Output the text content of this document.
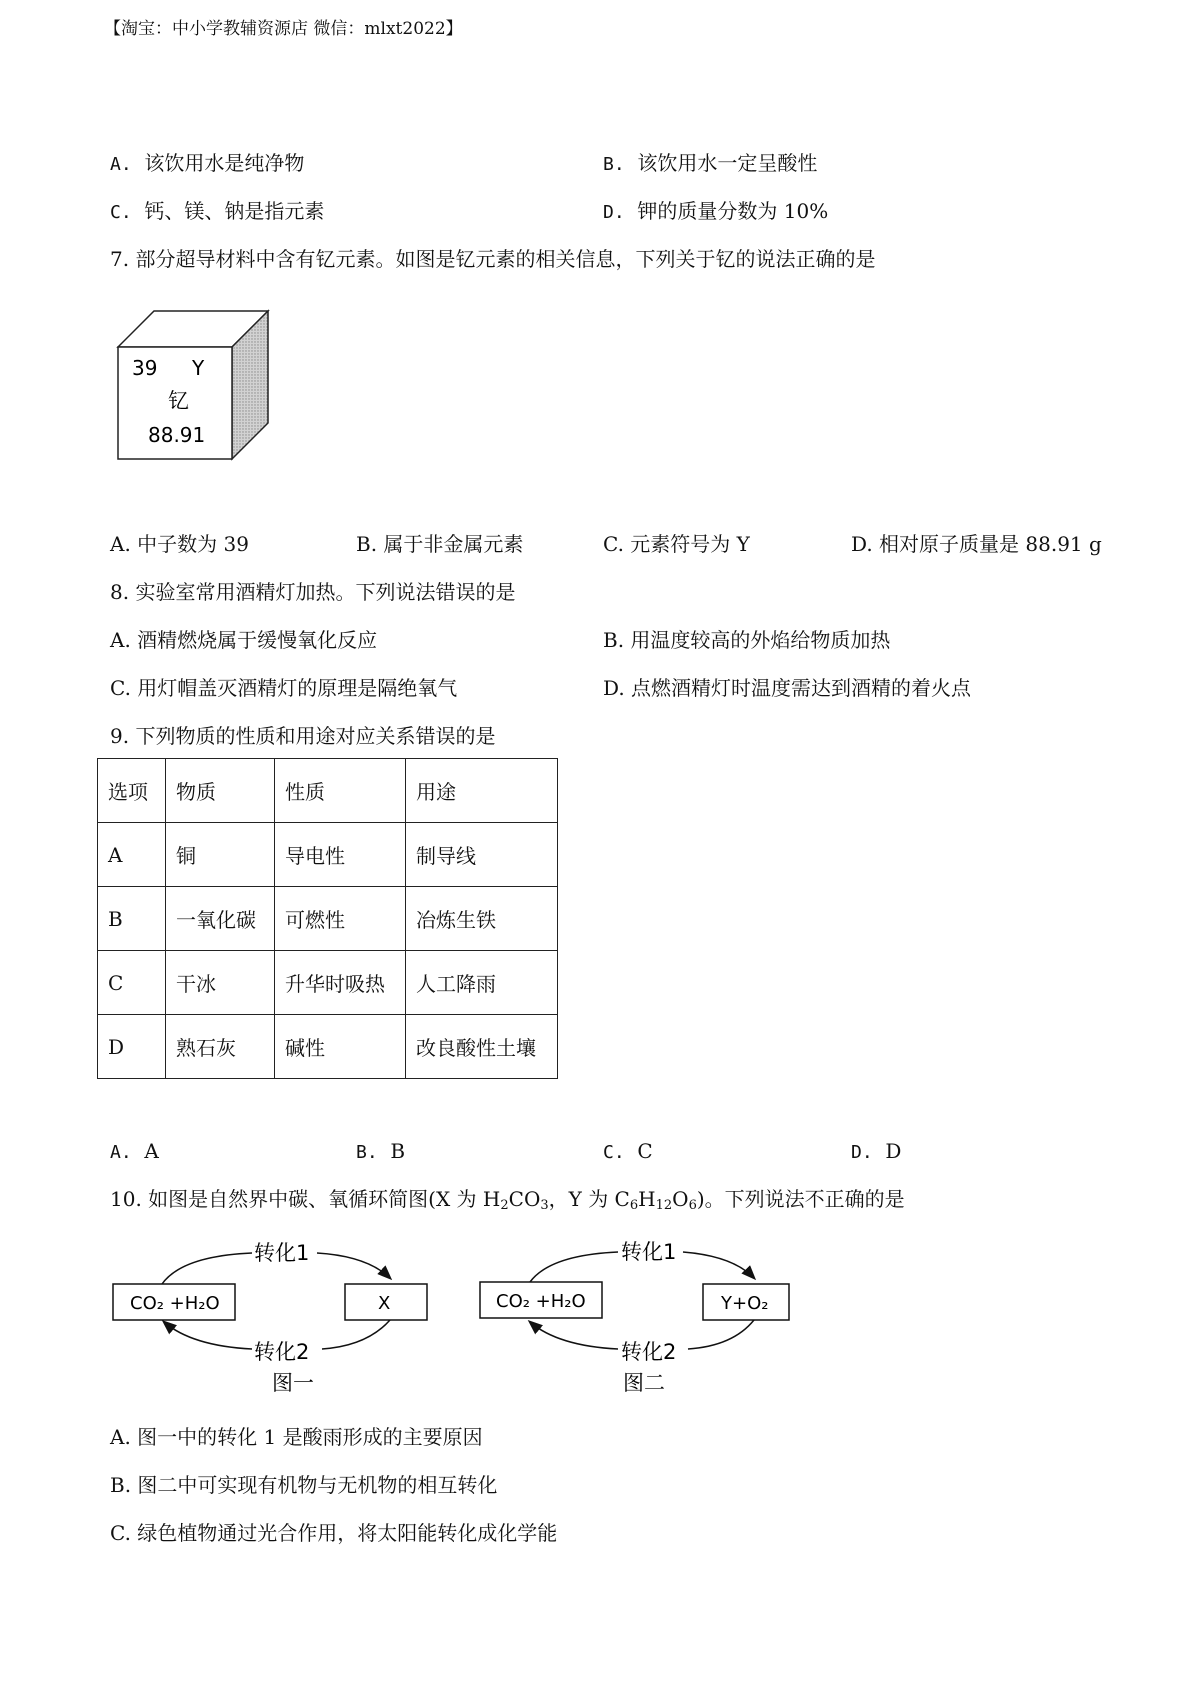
【淘宝：中小学教辅资源店 微信：mlxt2022】
A. 该饮用水是纯净物	B. 该饮用水一定呈酸性
C. 钙、镁、钠是指元素	D. 钾的质量分数为 10%
7. 部分超导材料中含有钇元素。如图是钇元素的相关信息，下列关于钇的说法正确的是
39 Y
钇
88.91
A. 中子数为 39	B. 属于非金属元素	C. 元素符号为 Y	D. 相对原子质量是 88.91 g
8. 实验室常用酒精灯加热。下列说法错误的是
A. 酒精燃烧属于缓慢氧化反应	B. 用温度较高的外焰给物质加热
C. 用灯帽盖灭酒精灯的原理是隔绝氧气	D. 点燃酒精灯时温度需达到酒精的着火点
9. 下列物质的性质和用途对应关系错误的是
选项	物质	性质	用途
A	铜	导电性	制导线
B	一氧化碳	可燃性	冶炼生铁
C	干冰	升华时吸热	人工降雨
D	熟石灰	碱性	改良酸性土壤
A. A	B. B	C. C	D. D
10. 如图是自然界中碳、氧循环简图(X 为 $H_2CO_3$，Y 为 $C_6H_{12}O_6$)。下列说法不正确的是
转化1
转化2
CO₂ +H₂O	X
图一
转化1
转化2
CO₂ +H₂O	Y+O₂
图二
A. 图一中的转化 1 是酸雨形成的主要原因
B. 图二中可实现有机物与无机物的相互转化
C. 绿色植物通过光合作用，将太阳能转化成化学能
